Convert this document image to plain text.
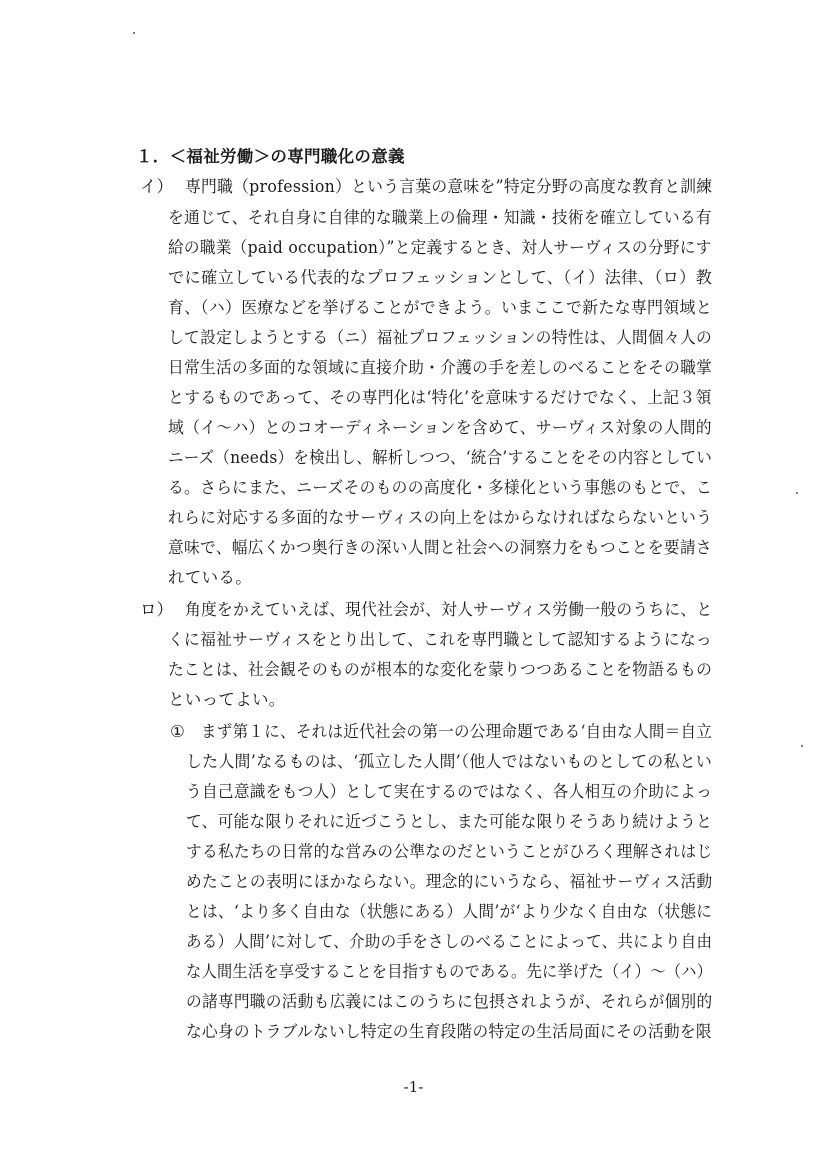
１．＜福祉労働＞の専門職化の意義
イ） 専門職（profession）という言葉の意味を”特定分野の高度な教育と訓練
を通じて、それ自身に自律的な職業上の倫理・知識・技術を確立している有
給の職業（paid occupation）”と定義するとき、対人サーヴィスの分野にす
でに確立している代表的なプロフェッションとして、（イ）法律、（ロ）教
育、（ハ）医療などを挙げることができよう。いまここで新たな専門領域と
して設定しようとする（ニ）福祉プロフェッションの特性は、人間個々人の
日常生活の多面的な領域に直接介助・介護の手を差しのべることをその職掌
とするものであって、その専門化は‘特化’を意味するだけでなく、上記３領
域（イ～ハ）とのコオーディネーションを含めて、サーヴィス対象の人間的
ニーズ（needs）を検出し、解析しつつ、‘統合’することをその内容としてい
る。さらにまた、ニーズそのものの高度化・多様化という事態のもとで、こ
れらに対応する多面的なサーヴィスの向上をはからなければならないという
意味で、幅広くかつ奥行きの深い人間と社会への洞察力をもつことを要請さ
れている。
ロ） 角度をかえていえば、現代社会が、対人サーヴィス労働一般のうちに、と
くに福祉サーヴィスをとり出して、これを専門職として認知するようになっ
たことは、社会観そのものが根本的な変化を蒙りつつあることを物語るもの
といってよい。
① まず第１に、それは近代社会の第一の公理命題である‘自由な人間＝自立
した人間’なるものは、‘孤立した人間’（他人ではないものとしての私とい
う自己意識をもつ人）として実在するのではなく、各人相互の介助によっ
て、可能な限りそれに近づこうとし、また可能な限りそうあり続けようと
する私たちの日常的な営みの公準なのだということがひろく理解されはじ
めたことの表明にほかならない。理念的にいうなら、福祉サーヴィス活動
とは、‘より多く自由な（状態にある）人間’が‘より少なく自由な（状態に
ある）人間’に対して、介助の手をさしのべることによって、共により自由
な人間生活を享受することを目指すものである。先に挙げた（イ）～（ハ）
の諸専門職の活動も広義にはこのうちに包摂されようが、それらが個別的
な心身のトラブルないし特定の生育段階の特定の生活局面にその活動を限
-1-
